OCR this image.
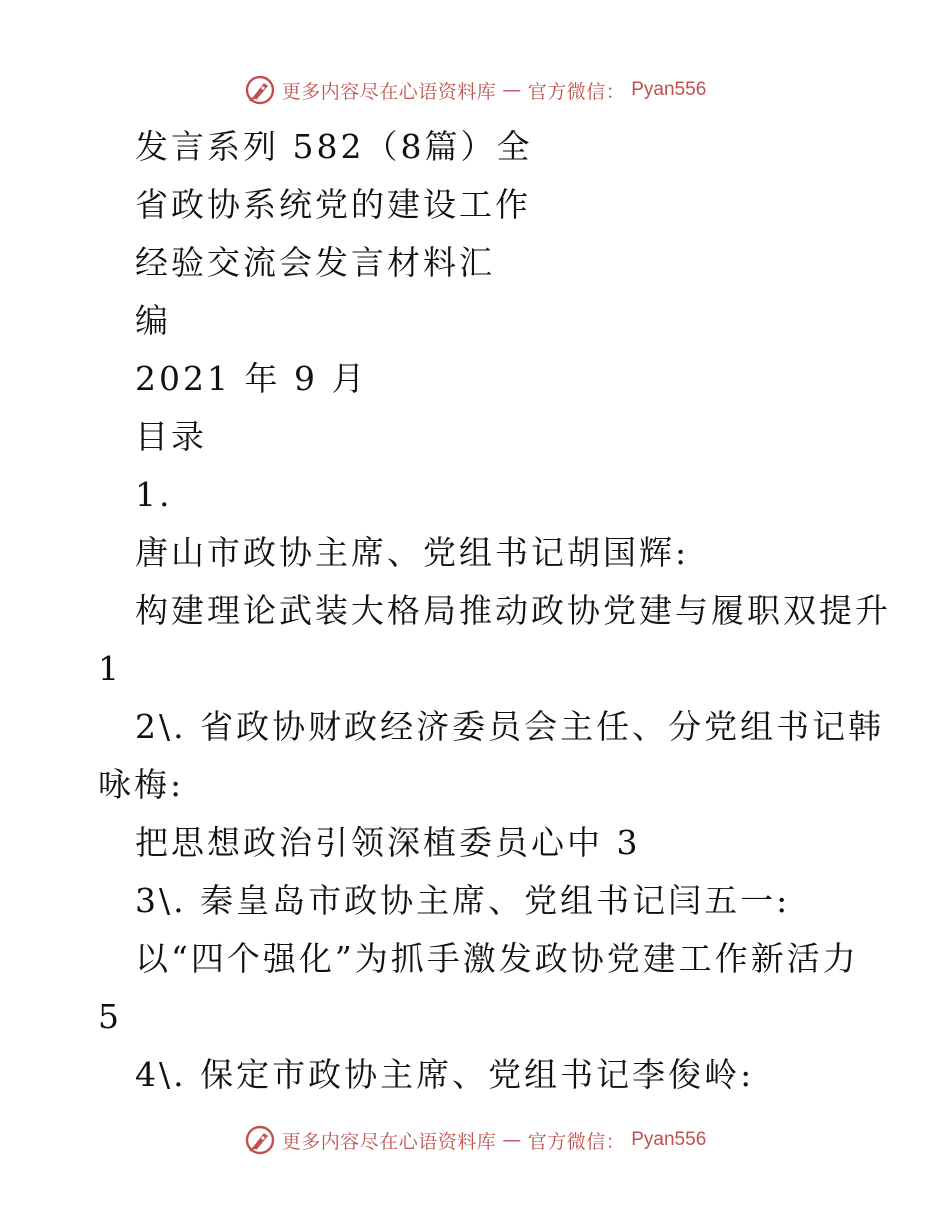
更多内容尽在心语资料库 — 官方微信： Pyan556
发言系列 582（8篇）全
省政协系统党的建设工作
经验交流会发言材料汇
编
2021 年 9 月
目录
1.
唐山市政协主席、党组书记胡国辉:
构建理论武装大格局推动政协党建与履职双提升
1
2\. 省政协财政经济委员会主任、分党组书记韩
咏梅:
把思想政治引领深植委员心中 3
3\. 秦皇岛市政协主席、党组书记闫五一:
以“四个强化”为抓手激发政协党建工作新活力
5
4\. 保定市政协主席、党组书记李俊岭:
更多内容尽在心语资料库 — 官方微信： Pyan556
